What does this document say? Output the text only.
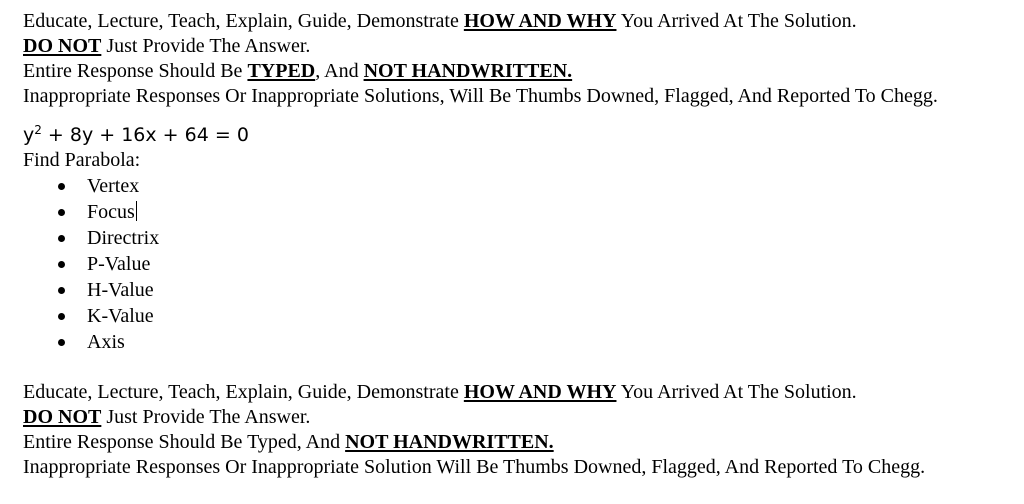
Educate, Lecture, Teach, Explain, Guide, Demonstrate HOW AND WHY You Arrived At The Solution.

DO NOT Just Provide The Answer.

Entire Response Should Be TYPED, And NOT HANDWRITTEN.

Inappropriate Responses Or Inappropriate Solutions, Will Be Thumbs Downed, Flagged, And Reported To Chegg.

$y^2 + 8y + 16x + 64 = 0$

Find Parabola:

Vertex
Focus
Directrix
P-Value
H-Value
K-Value
Axis

Educate, Lecture, Teach, Explain, Guide, Demonstrate HOW AND WHY You Arrived At The Solution.

DO NOT Just Provide The Answer.

Entire Response Should Be Typed, And NOT HANDWRITTEN.

Inappropriate Responses Or Inappropriate Solution Will Be Thumbs Downed, Flagged, And Reported To Chegg.
